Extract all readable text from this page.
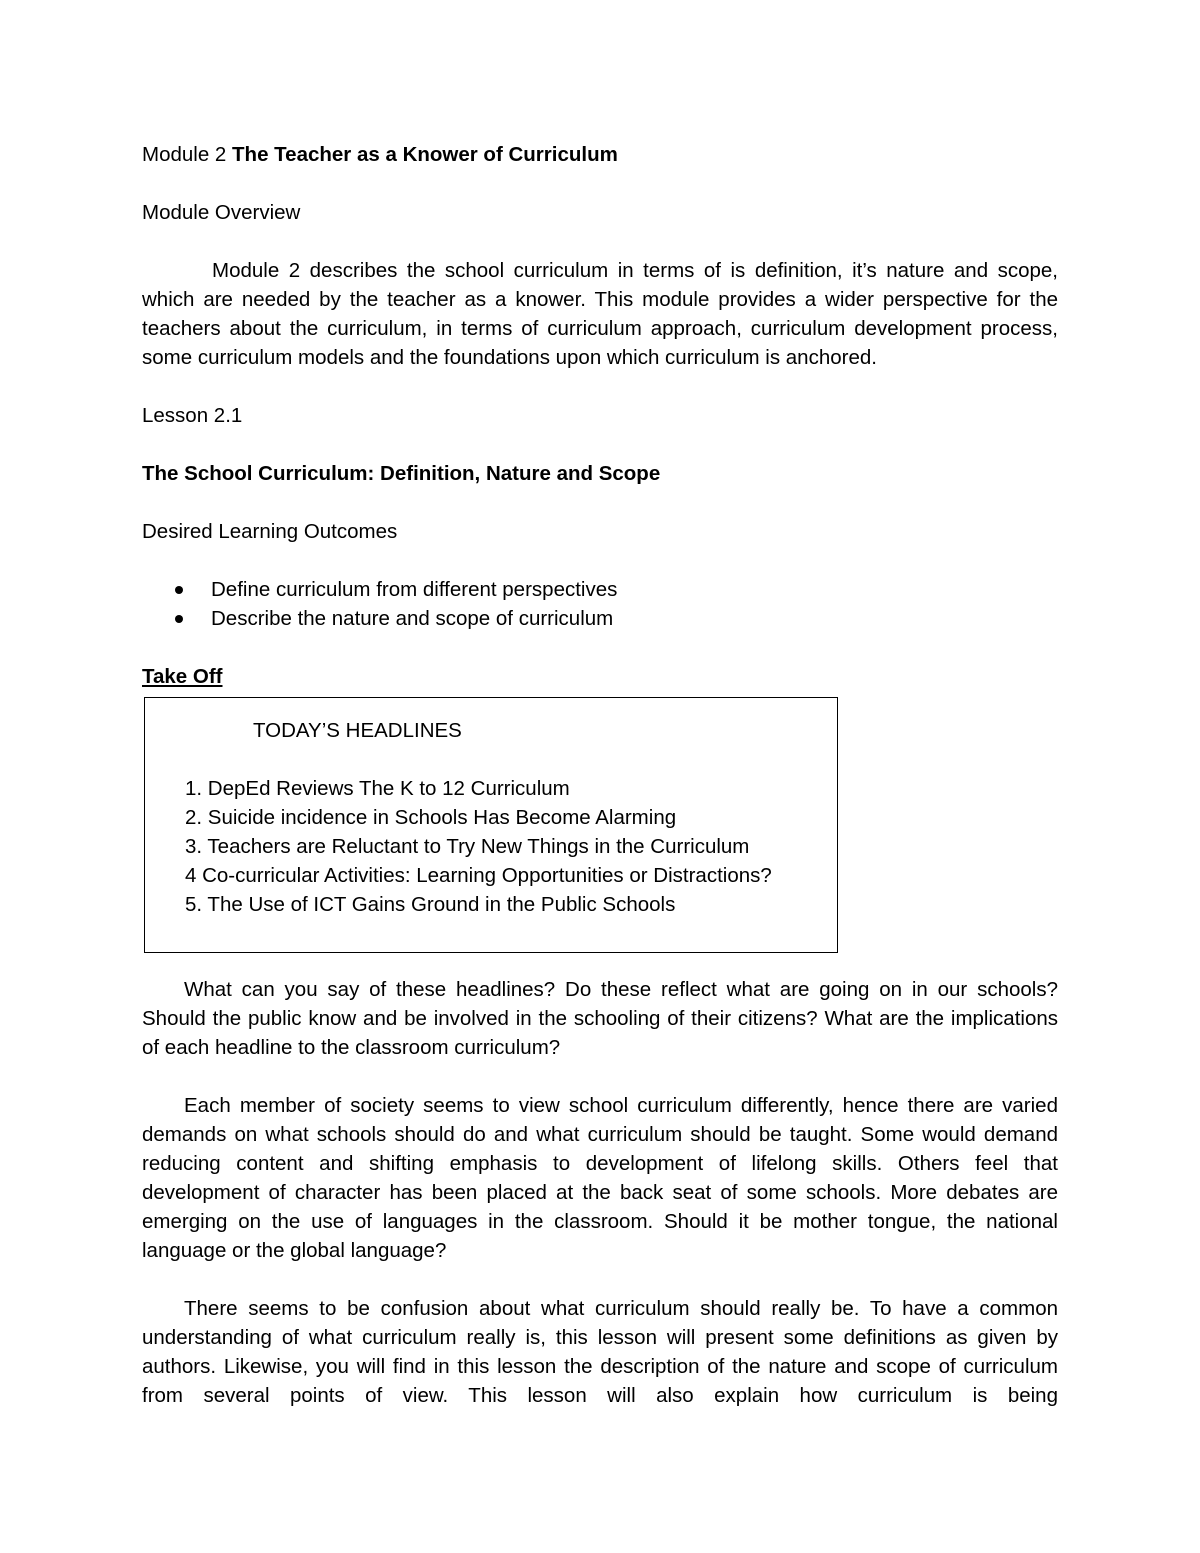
Module 2 The Teacher as a Knower of Curriculum

Module Overview

Module 2 describes the school curriculum in terms of is definition, it’s nature and scope, which are needed by the teacher as a knower. This module provides a wider perspective for the teachers about the curriculum, in terms of curriculum approach, curriculum development process, some curriculum models and the foundations upon which curriculum is anchored.

Lesson 2.1

The School Curriculum: Definition, Nature and Scope

Desired Learning Outcomes

Define curriculum from different perspectives
Describe the nature and scope of curriculum

Take Off

TODAY’S HEADLINES
1. DepEd Reviews The K to 12 Curriculum
2. Suicide incidence in Schools Has Become Alarming
3. Teachers are Reluctant to Try New Things in the Curriculum
4 Co-curricular Activities: Learning Opportunities or Distractions?
5. The Use of ICT Gains Ground in the Public Schools

What can you say of these headlines? Do these reflect what are going on in our schools? Should the public know and be involved in the schooling of their citizens? What are the implications of each headline to the classroom curriculum?

Each member of society seems to view school curriculum differently, hence there are varied demands on what schools should do and what curriculum should be taught. Some would demand reducing content and shifting emphasis to development of lifelong skills. Others feel that development of character has been placed at the back seat of some schools. More debates are emerging on the use of languages in the classroom. Should it be mother tongue, the national language or the global language?

There seems to be confusion about what curriculum should really be. To have a common understanding of what curriculum really is, this lesson will present some definitions as given by authors. Likewise, you will find in this lesson the description of the nature and scope of curriculum from several points of view. This lesson will also explain how curriculum is being
